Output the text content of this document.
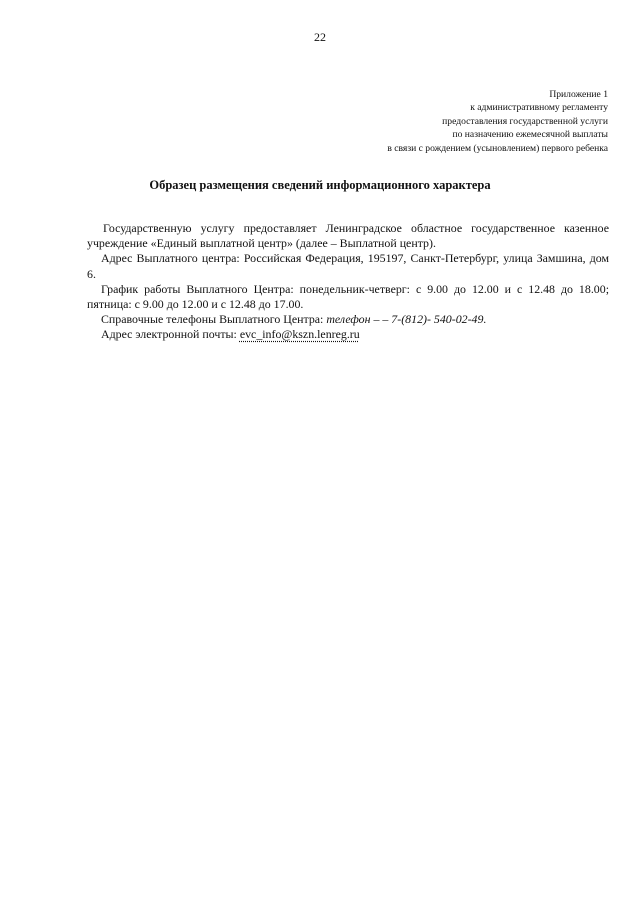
22
Приложение 1
к административному регламенту
предоставления государственной услуги
по назначению ежемесячной выплаты
в связи с рождением (усыновлением) первого ребенка
Образец размещения сведений информационного характера

Государственную услугу предоставляет Ленинградское областное государственное казенное учреждение «Единый выплатной центр» (далее – Выплатной центр).

Адрес Выплатного центра: Российская Федерация, 195197, Санкт-Петербург, улица Замшина, дом 6.

График работы Выплатного Центра: понедельник-четверг: с 9.00 до 12.00 и с 12.48 до 18.00; пятница: с 9.00 до 12.00 и с 12.48 до 17.00.

Справочные телефоны Выплатного Центра: телефон – – 7-(812)- 540-02-49.

Адрес электронной почты: evc_info@kszn.lenreg.ru
